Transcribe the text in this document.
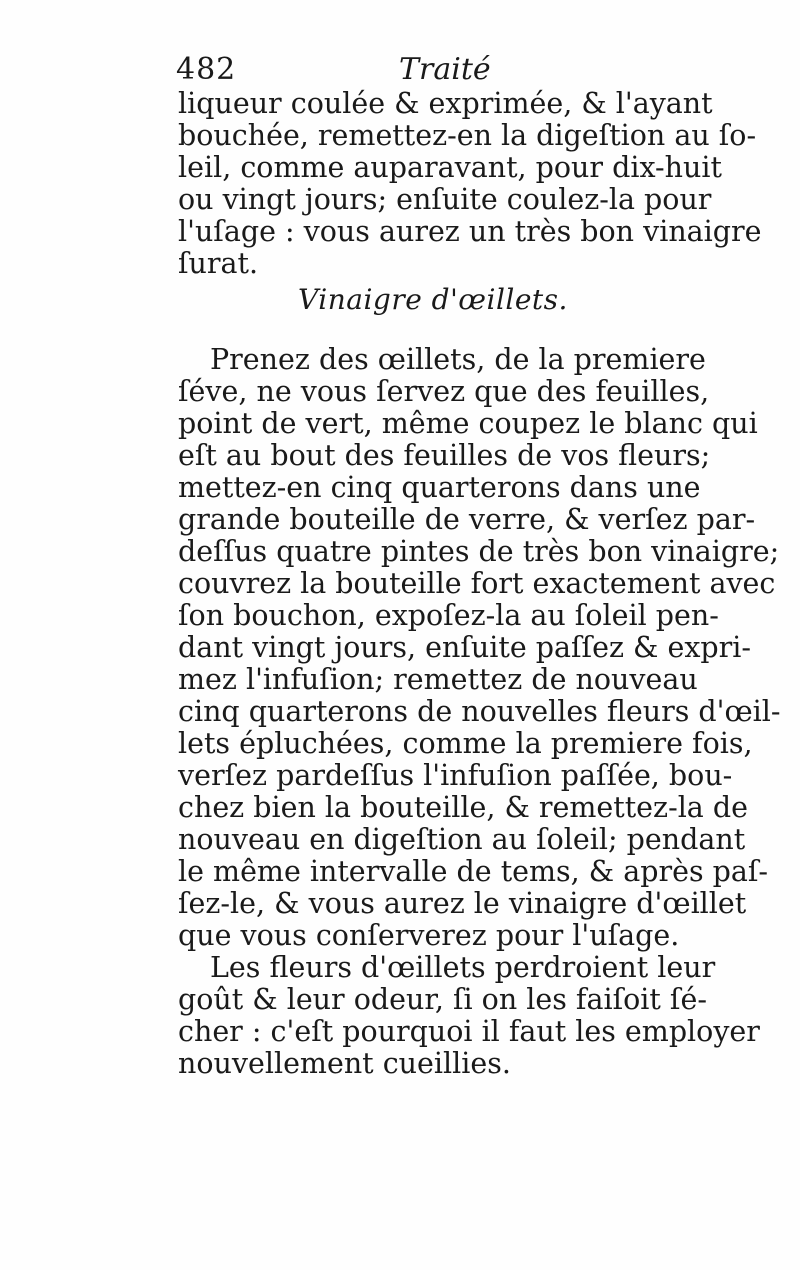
482	Traité
liqueur coulée & exprimée, & l'ayant
bouchée, remettez-en la digeſtion au ſo-
leil, comme auparavant, pour dix-huit
ou vingt jours; enſuite coulez-la pour
l'uſage : vous aurez un très bon vinaigre
ſurat.
Vinaigre d'œillets.
Prenez des œillets, de la premiere
ſéve, ne vous ſervez que des feuilles,
point de vert, même coupez le blanc qui
eſt au bout des feuilles de vos fleurs;
mettez-en cinq quarterons dans une
grande bouteille de verre, & verſez par-
deſſus quatre pintes de très bon vinaigre;
couvrez la bouteille fort exactement avec
ſon bouchon, expoſez-la au ſoleil pen-
dant vingt jours, enſuite paſſez & expri-
mez l'infuſion; remettez de nouveau
cinq quarterons de nouvelles fleurs d'œil-
lets épluchées, comme la premiere fois,
verſez pardeſſus l'infuſion paſſée, bou-
chez bien la bouteille, & remettez-la de
nouveau en digeſtion au ſoleil; pendant
le même intervalle de tems, & après paſ-
ſez-le, & vous aurez le vinaigre d'œillet
que vous conſerverez pour l'uſage.
Les fleurs d'œillets perdroient leur
goût & leur odeur, ſi on les faiſoit ſé-
cher : c'eſt pourquoi il faut les employer
nouvellement cueillies.
